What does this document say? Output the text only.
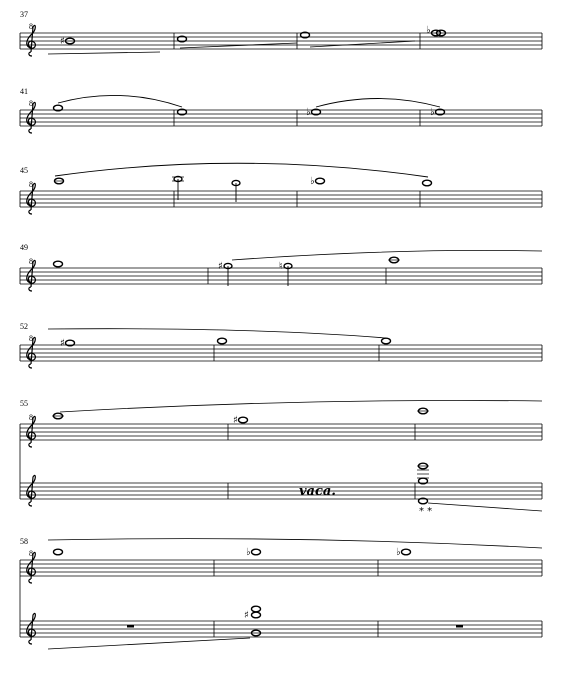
37
8
♯
♭
41
8
♭	♭
45
8	♭
49
8	♯	♮
52
8	♯
55
8	♯
vaca.
* *
58
8	♭	♭
♯
